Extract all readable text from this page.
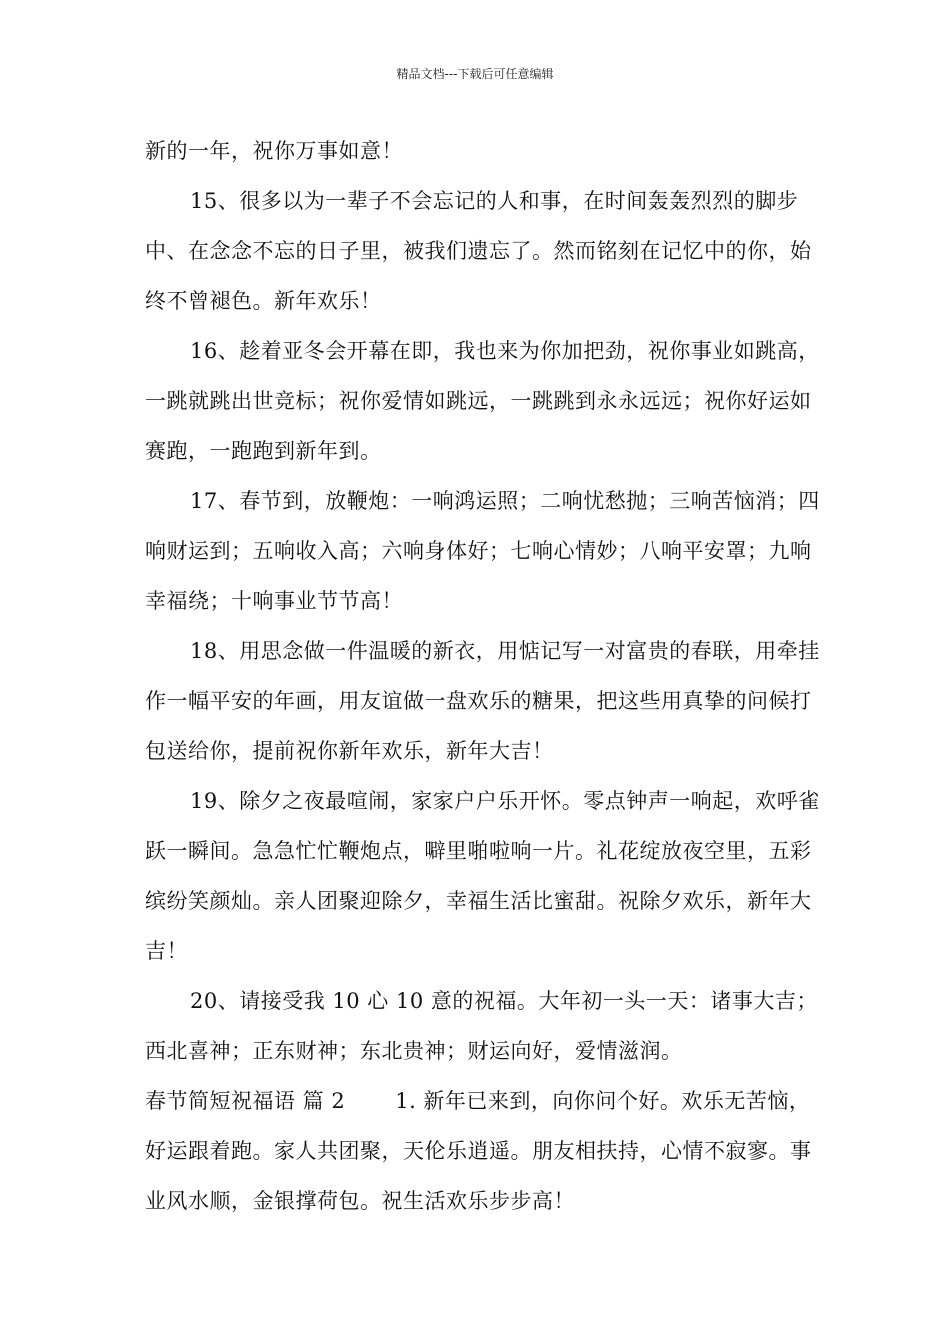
精品文档---下载后可任意编辑

新的一年，祝你万事如意！

15、很多以为一辈子不会忘记的人和事，在时间轰轰烈烈的脚步中、在念念不忘的日子里，被我们遗忘了。然而铭刻在记忆中的你，始终不曾褪色。新年欢乐！

16、趁着亚冬会开幕在即，我也来为你加把劲，祝你事业如跳高，一跳就跳出世竞标；祝你爱情如跳远，一跳跳到永永远远；祝你好运如赛跑，一跑跑到新年到。

17、春节到，放鞭炮：一响鸿运照；二响忧愁抛；三响苦恼消；四响财运到；五响收入高；六响身体好；七响心情妙；八响平安罩；九响幸福绕；十响事业节节高！

18、用思念做一件温暖的新衣，用惦记写一对富贵的春联，用牵挂作一幅平安的年画，用友谊做一盘欢乐的糖果，把这些用真挚的问候打包送给你，提前祝你新年欢乐，新年大吉！

19、除夕之夜最喧闹，家家户户乐开怀。零点钟声一响起，欢呼雀跃一瞬间。急急忙忙鞭炮点，噼里啪啦响一片。礼花绽放夜空里，五彩缤纷笑颜灿。亲人团聚迎除夕，幸福生活比蜜甜。祝除夕欢乐，新年大吉！

20、请接受我 10 心 10 意的祝福。大年初一头一天：诸事大吉；西北喜神；正东财神；东北贵神；财运向好，爱情滋润。

春节简短祝福语 篇 2 1. 新年已来到，向你问个好。欢乐无苦恼，好运跟着跑。家人共团聚，天伦乐逍遥。朋友相扶持，心情不寂寥。事业风水顺，金银撑荷包。祝生活欢乐步步高！
